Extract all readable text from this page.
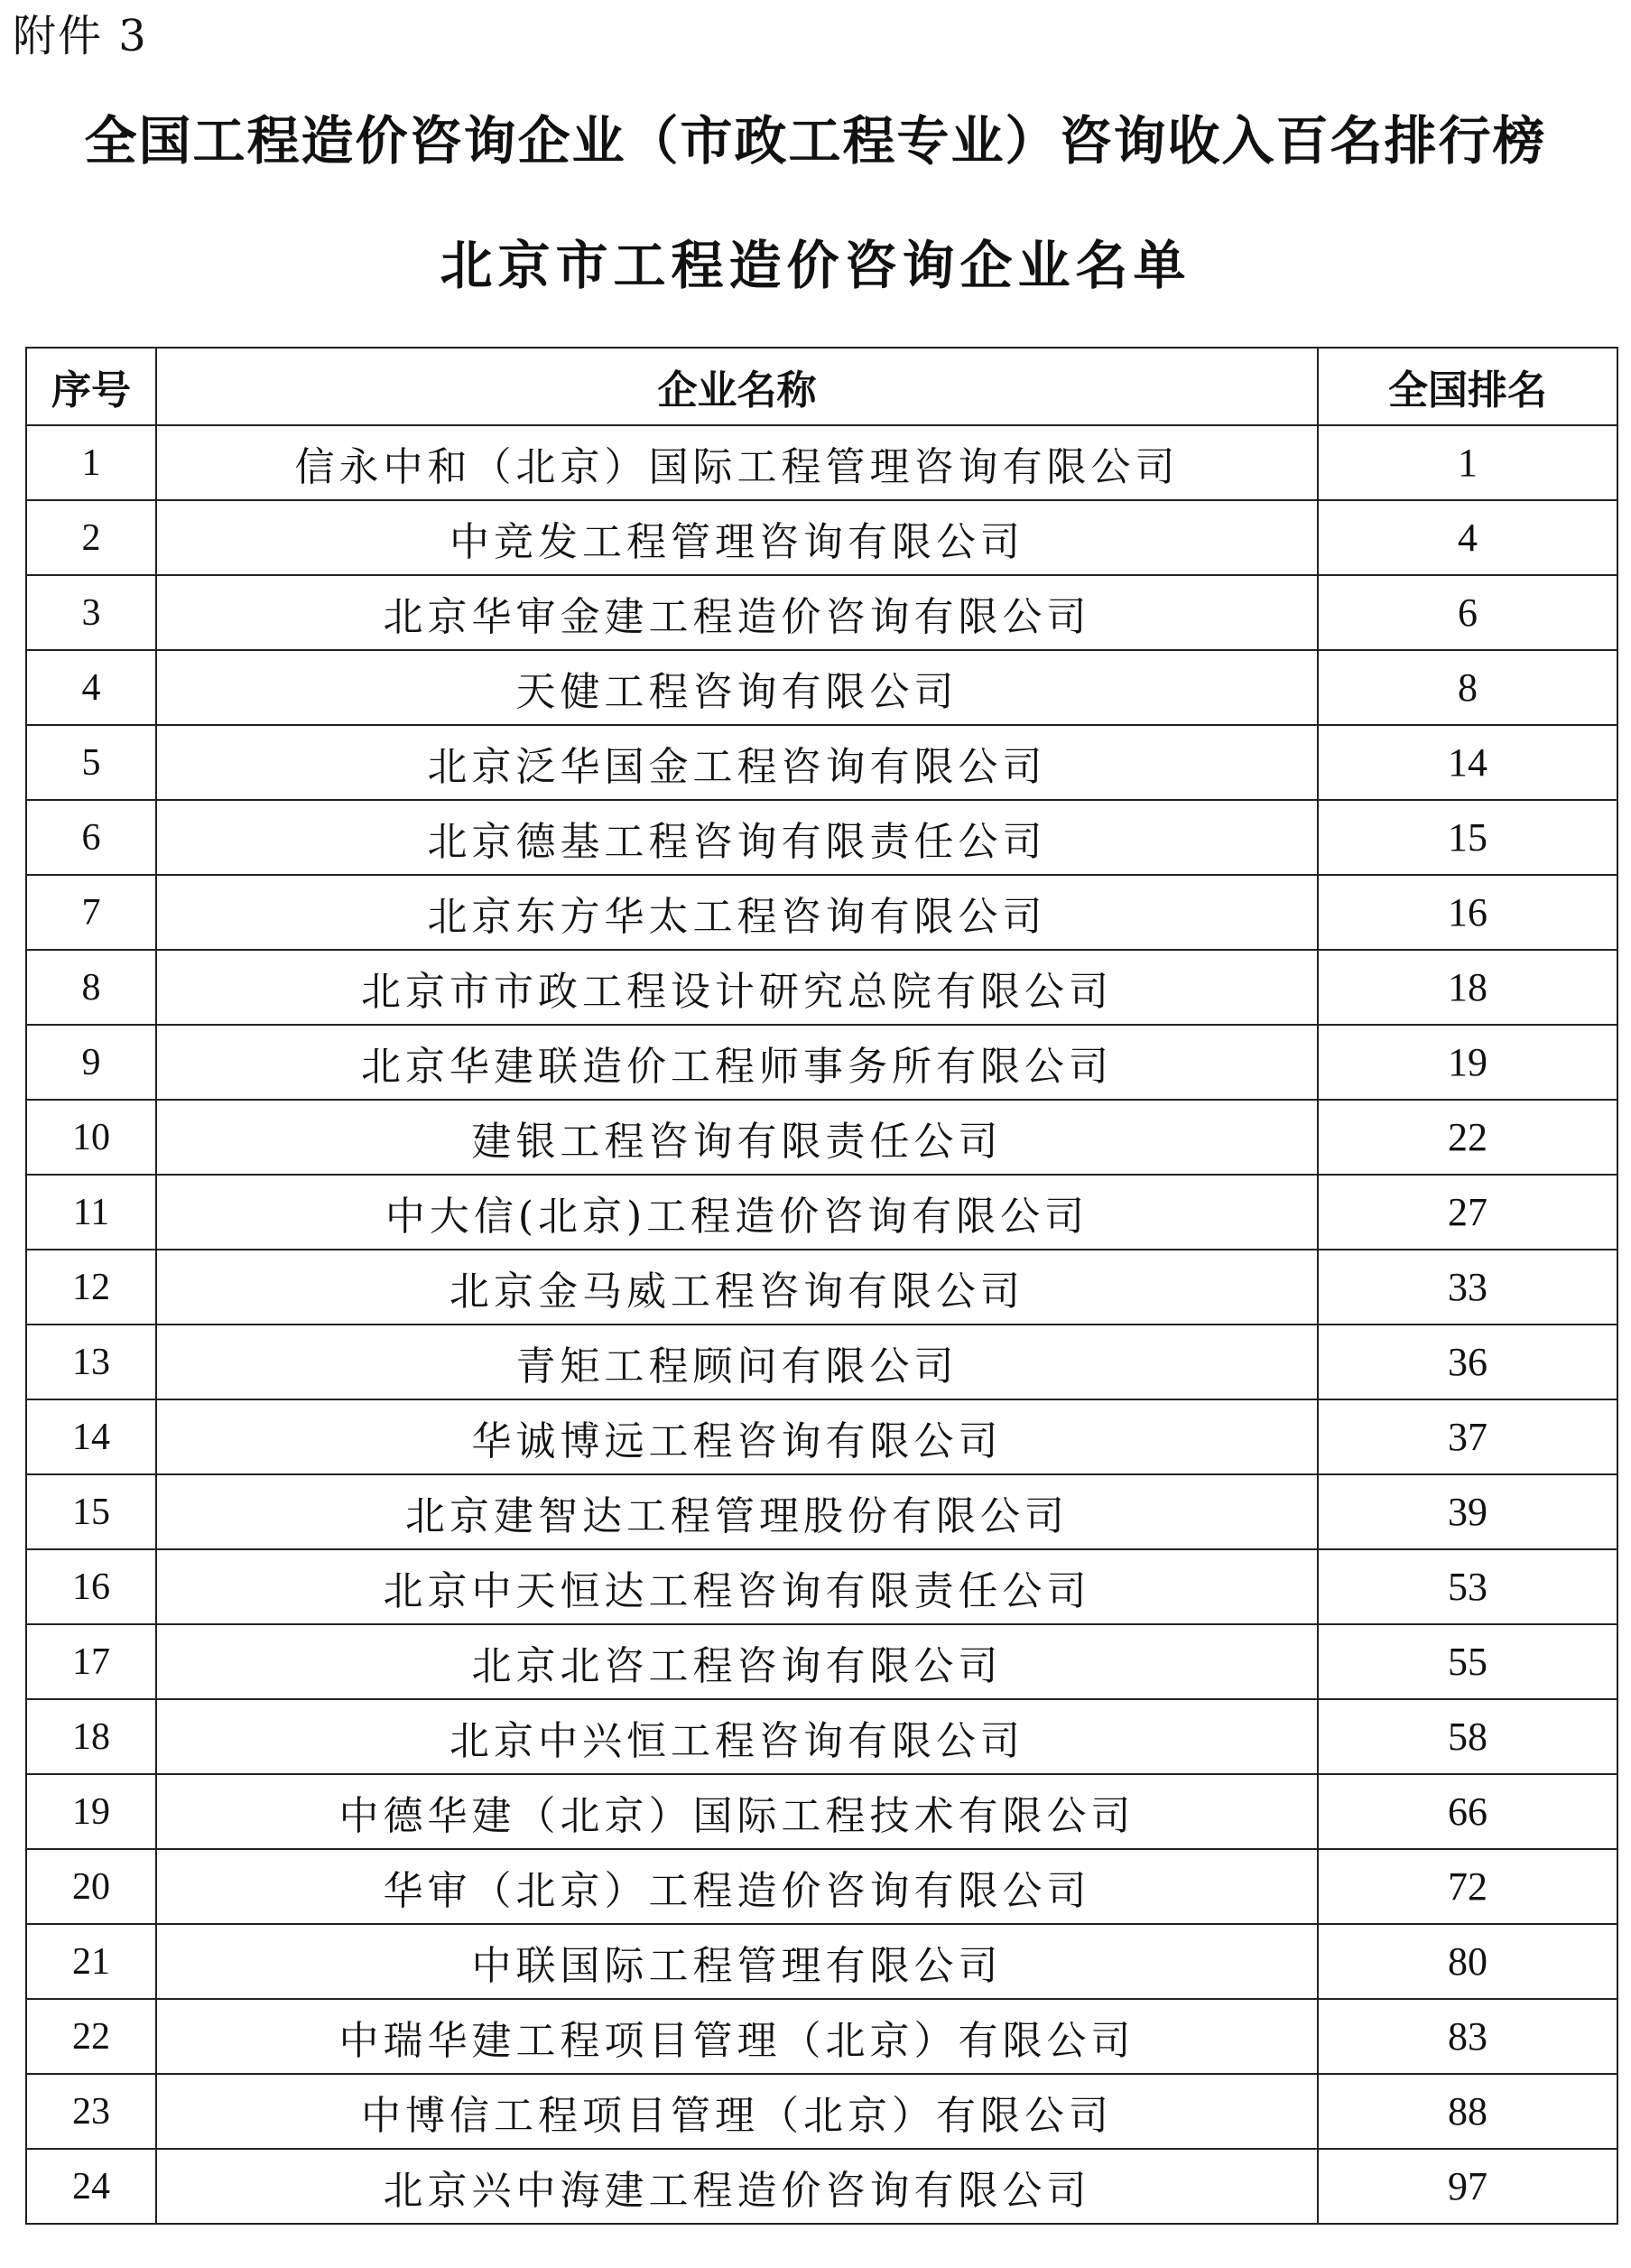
附件 3
全国工程造价咨询企业（市政工程专业）咨询收入百名排行榜
北京市工程造价咨询企业名单
序号	企业名称	全国排名
1	信永中和（北京）国际工程管理咨询有限公司	1
2	中竞发工程管理咨询有限公司	4
3	北京华审金建工程造价咨询有限公司	6
4	天健工程咨询有限公司	8
5	北京泛华国金工程咨询有限公司	14
6	北京德基工程咨询有限责任公司	15
7	北京东方华太工程咨询有限公司	16
8	北京市市政工程设计研究总院有限公司	18
9	北京华建联造价工程师事务所有限公司	19
10	建银工程咨询有限责任公司	22
11	中大信(北京)工程造价咨询有限公司	27
12	北京金马威工程咨询有限公司	33
13	青矩工程顾问有限公司	36
14	华诚博远工程咨询有限公司	37
15	北京建智达工程管理股份有限公司	39
16	北京中天恒达工程咨询有限责任公司	53
17	北京北咨工程咨询有限公司	55
18	北京中兴恒工程咨询有限公司	58
19	中德华建（北京）国际工程技术有限公司	66
20	华审（北京）工程造价咨询有限公司	72
21	中联国际工程管理有限公司	80
22	中瑞华建工程项目管理（北京）有限公司	83
23	中博信工程项目管理（北京）有限公司	88
24	北京兴中海建工程造价咨询有限公司	97
